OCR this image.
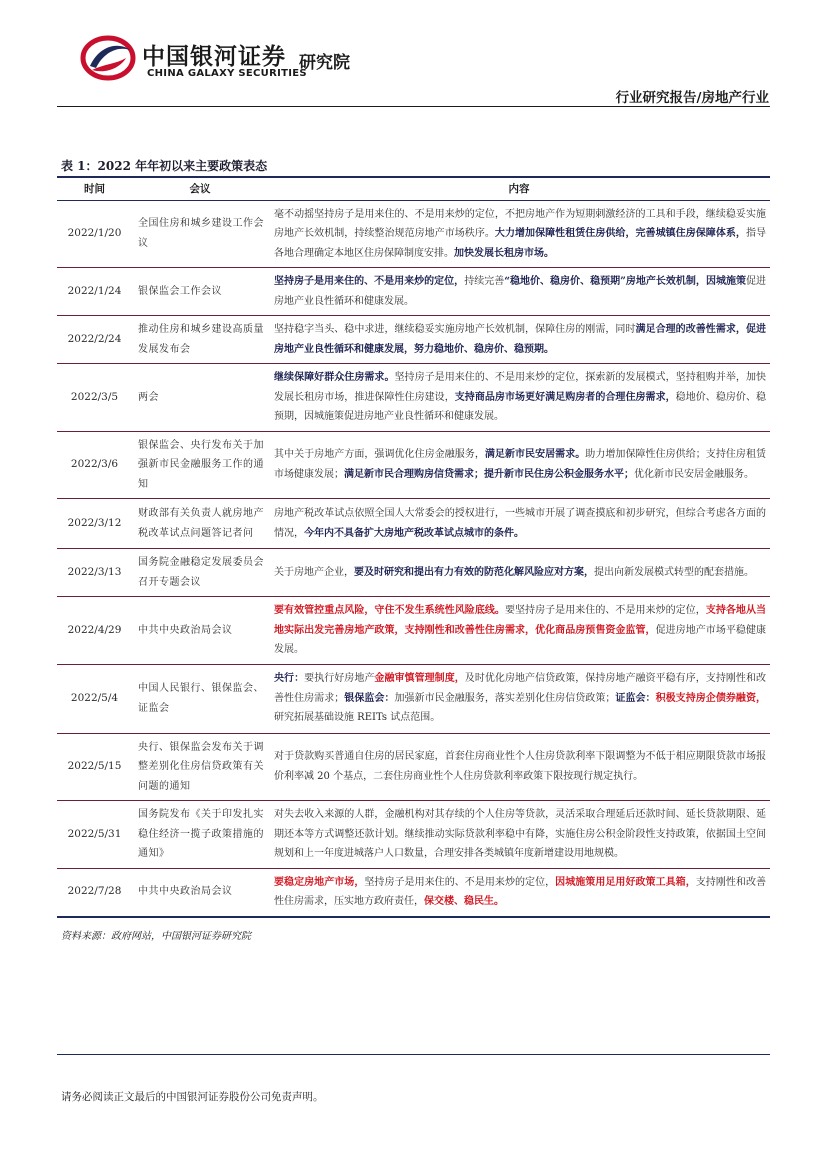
中国银河证券
CHINA GALAXY SECURITIES
研究院
行业研究报告/房地产行业
表 1：2022 年年初以来主要政策表态
时间	会议	内容
2022/1/20	全国住房和城乡建设工作会议	毫不动摇坚持房子是用来住的、不是用来炒的定位，不把房地产作为短期刺激经济的工具和手段，继续稳妥实施房地产长效机制，持续整治规范房地产市场秩序。大力增加保障性租赁住房供给，完善城镇住房保障体系，指导各地合理确定本地区住房保障制度安排。加快发展长租房市场。
2022/1/24	银保监会工作会议	坚持房子是用来住的、不是用来炒的定位，持续完善“稳地价、稳房价、稳预期”房地产长效机制，因城施策促进房地产业良性循环和健康发展。
2022/2/24	推动住房和城乡建设高质量发展发布会	坚持稳字当头、稳中求进，继续稳妥实施房地产长效机制，保障住房的刚需，同时满足合理的改善性需求，促进房地产业良性循环和健康发展，努力稳地价、稳房价、稳预期。
2022/3/5	两会	继续保障好群众住房需求。坚持房子是用来住的、不是用来炒的定位，探索新的发展模式，坚持租购并举，加快发展长租房市场，推进保障性住房建设，支持商品房市场更好满足购房者的合理住房需求，稳地价、稳房价、稳预期，因城施策促进房地产业良性循环和健康发展。
2022/3/6	银保监会、央行发布关于加强新市民金融服务工作的通知	其中关于房地产方面，强调优化住房金融服务，满足新市民安居需求。助力增加保障性住房供给；支持住房租赁市场健康发展；满足新市民合理购房信贷需求；提升新市民住房公积金服务水平；优化新市民安居金融服务。
2022/3/12	财政部有关负责人就房地产税改革试点问题答记者问	房地产税改革试点依照全国人大常委会的授权进行，一些城市开展了调查摸底和初步研究，但综合考虑各方面的情况，今年内不具备扩大房地产税改革试点城市的条件。
2022/3/13	国务院金融稳定发展委员会召开专题会议	关于房地产企业，要及时研究和提出有力有效的防范化解风险应对方案，提出向新发展模式转型的配套措施。
2022/4/29	中共中央政治局会议	要有效管控重点风险，守住不发生系统性风险底线。要坚持房子是用来住的、不是用来炒的定位，支持各地从当地实际出发完善房地产政策，支持刚性和改善性住房需求，优化商品房预售资金监管，促进房地产市场平稳健康发展。
2022/5/4	中国人民银行、银保监会、证监会	央行：要执行好房地产金融审慎管理制度，及时优化房地产信贷政策，保持房地产融资平稳有序，支持刚性和改善性住房需求；银保监会：加强新市民金融服务，落实差别化住房信贷政策；证监会：积极支持房企债券融资，研究拓展基础设施 REITs 试点范围。
2022/5/15	央行、银保监会发布关于调整差别化住房信贷政策有关问题的通知	对于贷款购买普通自住房的居民家庭，首套住房商业性个人住房贷款利率下限调整为不低于相应期限贷款市场报价利率减 20 个基点，二套住房商业性个人住房贷款利率政策下限按现行规定执行。
2022/5/31	国务院发布《关于印发扎实稳住经济一揽子政策措施的通知》	对失去收入来源的人群，金融机构对其存续的个人住房等贷款，灵活采取合理延后还款时间、延长贷款期限、延期还本等方式调整还款计划。继续推动实际贷款利率稳中有降，实施住房公积金阶段性支持政策，依据国土空间规划和上一年度进城落户人口数量，合理安排各类城镇年度新增建设用地规模。
2022/7/28	中共中央政治局会议	要稳定房地产市场，坚持房子是用来住的、不是用来炒的定位，因城施策用足用好政策工具箱，支持刚性和改善性住房需求，压实地方政府责任，保交楼、稳民生。
资料来源：政府网站，中国银河证券研究院
请务必阅读正文最后的中国银河证券股份公司免责声明。
